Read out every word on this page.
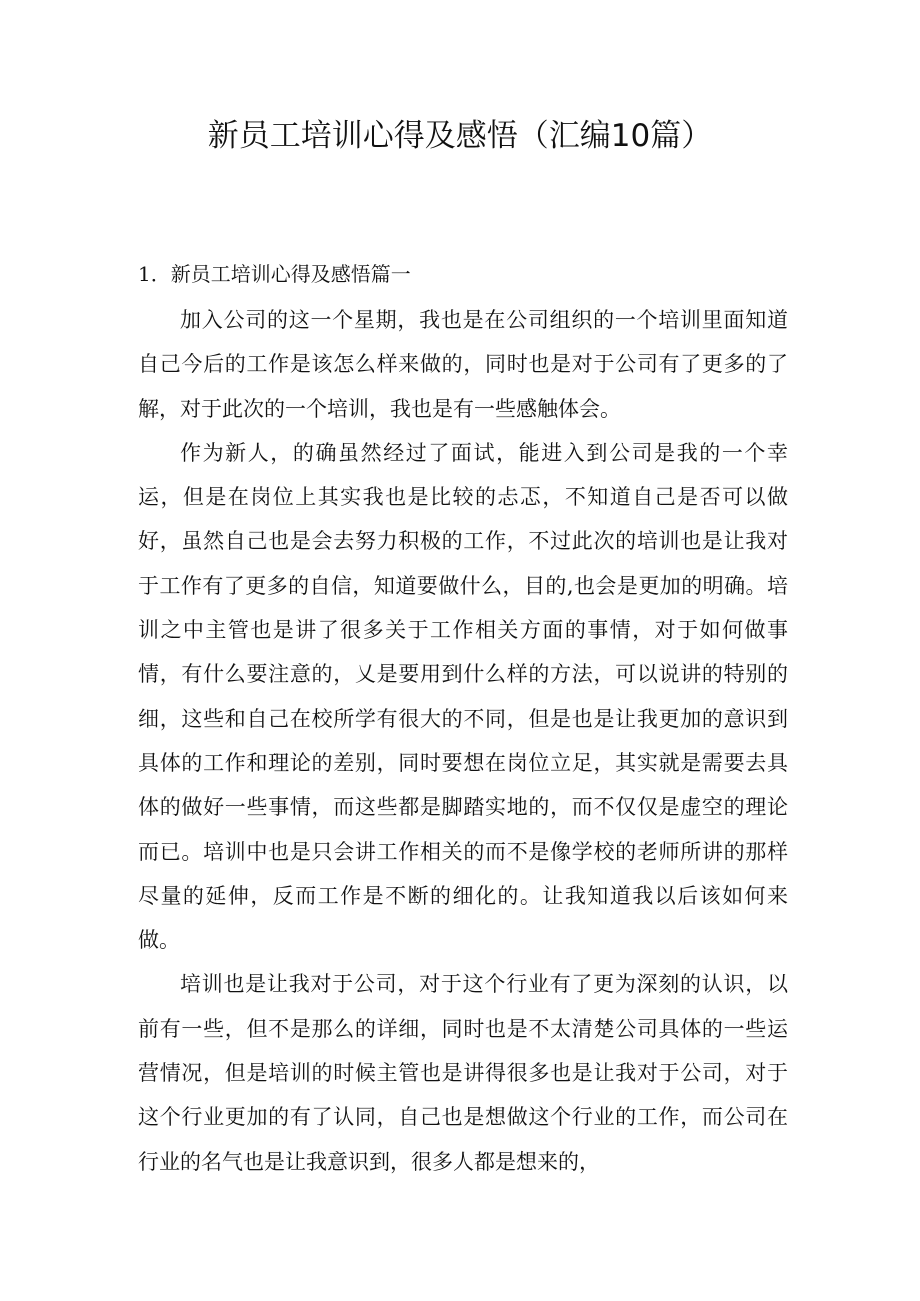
新员工培训心得及感悟（汇编10篇）
1．新员工培训心得及感悟篇一

加入公司的这一个星期，我也是在公司组织的一个培训里面知道自己今后的工作是该怎么样来做的，同时也是对于公司有了更多的了解，对于此次的一个培训，我也是有一些感触体会。

作为新人，的确虽然经过了面试，能进入到公司是我的一个幸运，但是在岗位上其实我也是比较的忐忑，不知道自己是否可以做好，虽然自己也是会去努力积极的工作，不过此次的培训也是让我对于工作有了更多的自信，知道要做什么，目的,也会是更加的明确。培训之中主管也是讲了很多关于工作相关方面的事情，对于如何做事情，有什么要注意的，乂是要用到什么样的方法，可以说讲的特别的细，这些和自己在校所学有很大的不同，但是也是让我更加的意识到具体的工作和理论的差别，同时要想在岗位立足，其实就是需要去具体的做好一些事情，而这些都是脚踏实地的，而不仅仅是虚空的理论而已。培训中也是只会讲工作相关的而不是像学校的老师所讲的那样尽量的延伸，反而工作是不断的细化的。让我知道我以后该如何来做。

培训也是让我对于公司，对于这个行业有了更为深刻的认识，以前有一些，但不是那么的详细，同时也是不太清楚公司具体的一些运营情况，但是培训的时候主管也是讲得很多也是让我对于公司，对于这个行业更加的有了认同，自己也是想做这个行业的工作，而公司在行业的名气也是让我意识到，很多人都是想来的，
